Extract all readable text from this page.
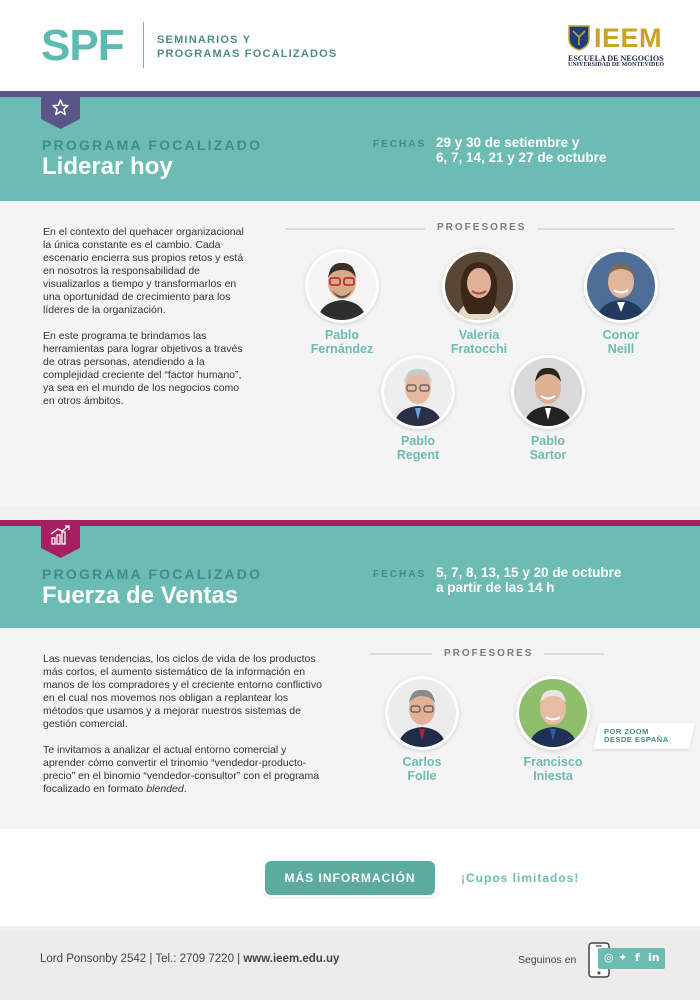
SPF	SEMINARIOS Y
PROGRAMAS FOCALIZADOS
IEEM
ESCUELA DE NEGOCIOS
UNIVERSIDAD DE MONTEVIDEO
PROGRAMA FOCALIZADO
Liderar hoy
FECHAS 29 y 30 de setiembre y
6, 7, 14, 21 y 27 de octubre

En el contexto del quehacer organizacional la única constante es el cambio. Cada escenario encierra sus propios retos y está en nosotros la responsabilidad de visualizarlos a tiempo y transformarlos en una oportunidad de crecimiento para los líderes de la organización.

En este programa te brindamos las herramientas para lograr objetivos a través de otras personas, atendiendo a la complejidad creciente del “factor humano”, ya sea en el mundo de los negocios como en otros ámbitos.

PROFESORES
Pablo
Fernández
Valeria
Fratocchi
Conor
Neill
Pablo
Regent
Pablo
Sartor
PROGRAMA FOCALIZADO
Fuerza de Ventas
FECHAS 5, 7, 8, 13, 15 y 20 de octubre
a partir de las 14 h

Las nuevas tendencias, los ciclos de vida de los productos más cortos, el aumento sistemático de la información en manos de los compradores y el creciente entorno conflictivo en el cual nos movemos nos obligan a replantear los métodos que usamos y a mejorar nuestros sistemas de gestión comercial.

Te invitamos a analizar el actual entorno comercial y aprender cómo convertir el trinomio “vendedor-producto-precio” en el binomio “vendedor-consultor” con el programa focalizado en formato blended.

PROFESORES
Carlos
Folle
Francisco
Iniesta
POR ZOOM
DESDE ESPAÑA
MÁS INFORMACIÓN	¡Cupos limitados!
Lord Ponsonby 2542 | Tel.: 2709 7220 | www.ieem.edu.uy	Seguinos en	◎ ✦ f in
